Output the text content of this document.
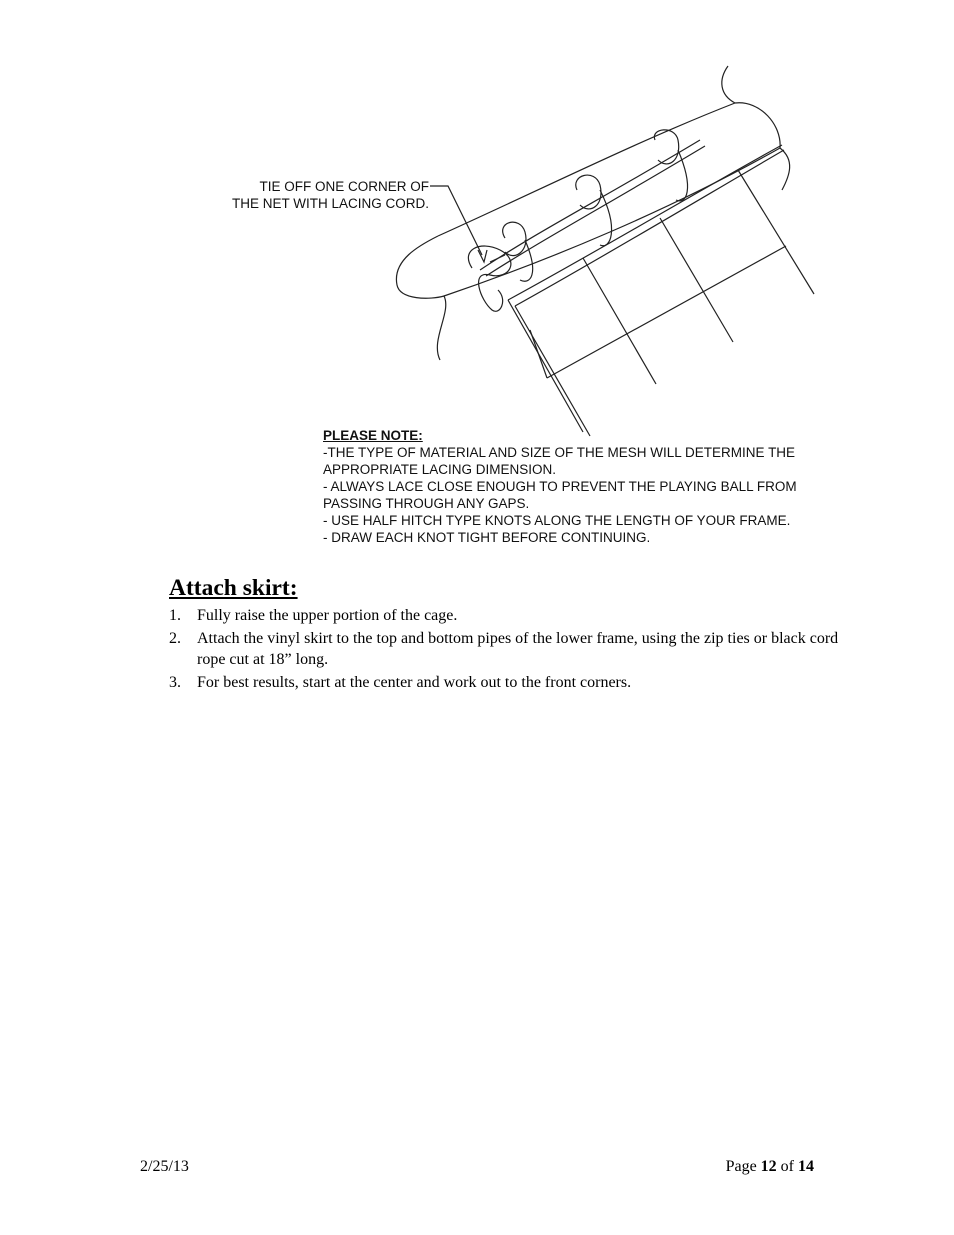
TIE OFF ONE CORNER OF
THE NET WITH LACING CORD.
PLEASE NOTE:
-THE TYPE OF MATERIAL AND SIZE OF THE MESH WILL DETERMINE THE
APPROPRIATE LACING DIMENSION.
- ALWAYS LACE CLOSE ENOUGH TO PREVENT THE PLAYING BALL FROM
PASSING THROUGH ANY GAPS.
- USE HALF HITCH TYPE KNOTS ALONG THE LENGTH OF YOUR FRAME.
- DRAW EACH KNOT TIGHT BEFORE CONTINUING.
Attach skirt:
1. Fully raise the upper portion of the cage.
2. Attach the vinyl skirt to the top and bottom pipes of the lower frame, using the zip ties or black cord rope cut at 18” long.
3. For best results, start at the center and work out to the front corners.
2/25/13	Page 12 of 14
